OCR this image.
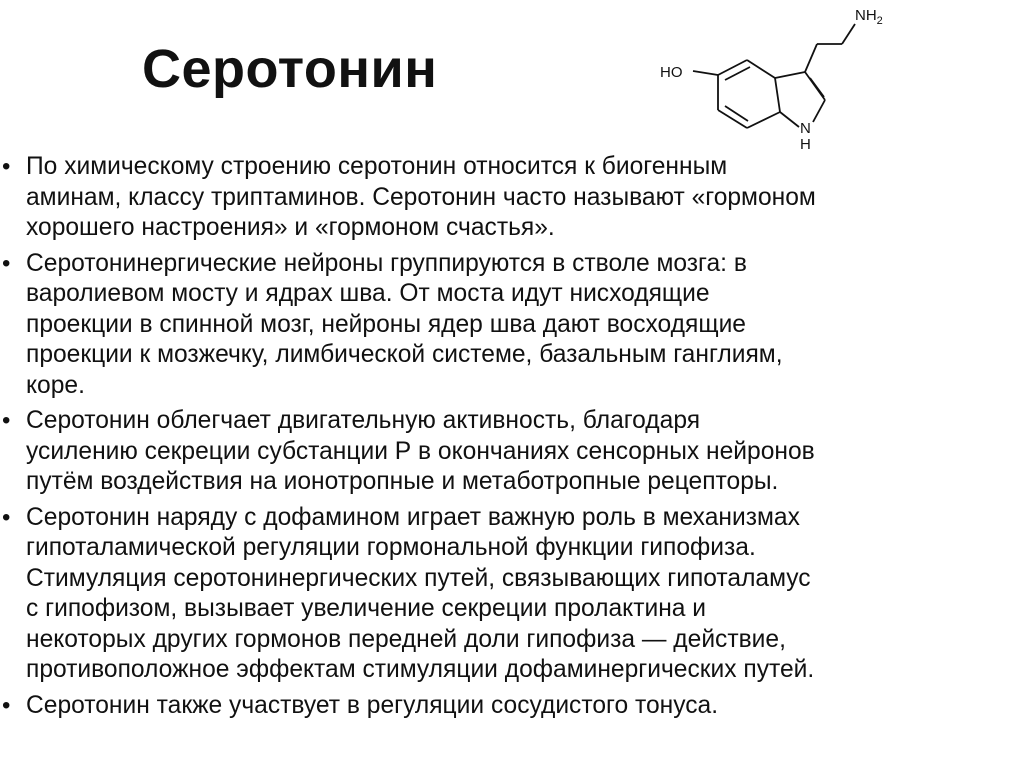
Серотонин
$NH_2$
HO
N
H
• По химическому строению серотонин относится к биогенным
аминам, классу триптаминов. Серотонин часто называют «гормоном
хорошего настроения» и «гормоном счастья».
• Серотонинергические нейроны группируются в стволе мозга: в
варолиевом мосту и ядрах шва. От моста идут нисходящие
проекции в спинной мозг, нейроны ядер шва дают восходящие
проекции к мозжечку, лимбической системе, базальным ганглиям,
коре.
• Серотонин облегчает двигательную активность, благодаря
усилению секреции субстанции Р в окончаниях сенсорных нейронов
путём воздействия на ионотропные и метаботропные рецепторы.
• Серотонин наряду с дофамином играет важную роль в механизмах
гипоталамической регуляции гормональной функции гипофиза.
Стимуляция серотонинергических путей, связывающих гипоталамус
с гипофизом, вызывает увеличение секреции пролактина и
некоторых других гормонов передней доли гипофиза — действие,
противоположное эффектам стимуляции дофаминергических путей.
• Серотонин также участвует в регуляции сосудистого тонуса.
